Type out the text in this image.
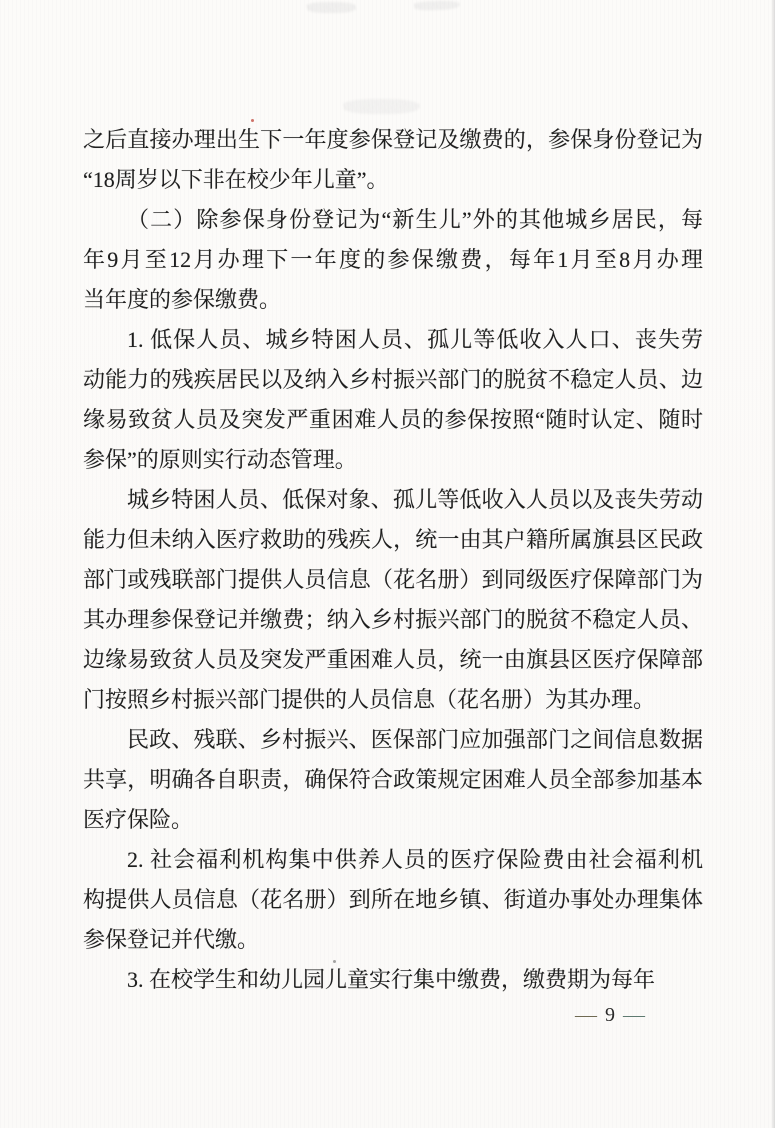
之后直接办理出生下一年度参保登记及缴费的，参保身份登记为
“18周岁以下非在校少年儿童”。
（二）除参保身份登记为“新生儿”外的其他城乡居民，每
年9月至12月办理下一年度的参保缴费，每年1月至8月办理
当年度的参保缴费。
1. 低保人员、城乡特困人员、孤儿等低收入人口、丧失劳
动能力的残疾居民以及纳入乡村振兴部门的脱贫不稳定人员、边
缘易致贫人员及突发严重困难人员的参保按照“随时认定、随时
参保”的原则实行动态管理。
城乡特困人员、低保对象、孤儿等低收入人员以及丧失劳动
能力但未纳入医疗救助的残疾人，统一由其户籍所属旗县区民政
部门或残联部门提供人员信息（花名册）到同级医疗保障部门为
其办理参保登记并缴费；纳入乡村振兴部门的脱贫不稳定人员、
边缘易致贫人员及突发严重困难人员，统一由旗县区医疗保障部
门按照乡村振兴部门提供的人员信息（花名册）为其办理。
民政、残联、乡村振兴、医保部门应加强部门之间信息数据
共享，明确各自职责，确保符合政策规定困难人员全部参加基本
医疗保险。
2. 社会福利机构集中供养人员的医疗保险费由社会福利机
构提供人员信息（花名册）到所在地乡镇、街道办事处办理集体
参保登记并代缴。
3. 在校学生和幼儿园儿童实行集中缴费，缴费期为每年
— 9 —
